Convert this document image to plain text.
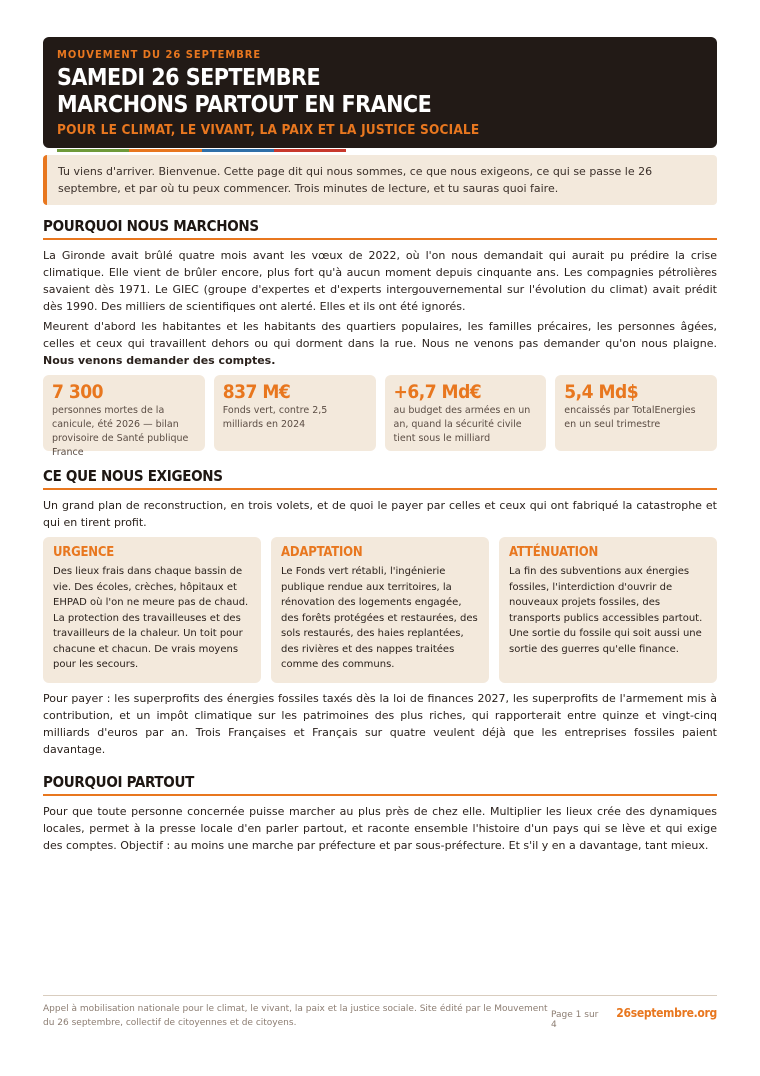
MOUVEMENT DU 26 SEPTEMBRE
SAMEDI 26 SEPTEMBRE
MARCHONS PARTOUT EN FRANCE
POUR LE CLIMAT, LE VIVANT, LA PAIX ET LA JUSTICE SOCIALE
Tu viens d'arriver. Bienvenue. Cette page dit qui nous sommes, ce que nous exigeons, ce qui se passe le 26 septembre, et par où tu peux commencer. Trois minutes de lecture, et tu sauras quoi faire.
POURQUOI NOUS MARCHONS

La Gironde avait brûlé quatre mois avant les vœux de 2022, où l'on nous demandait qui aurait pu prédire la crise climatique. Elle vient de brûler encore, plus fort qu'à aucun moment depuis cinquante ans. Les compagnies pétrolières savaient dès 1971. Le GIEC (groupe d'expertes et d'experts intergouvernemental sur l'évolution du climat) avait prédit dès 1990. Des milliers de scientifiques ont alerté. Elles et ils ont été ignorés.

Meurent d'abord les habitantes et les habitants des quartiers populaires, les familles précaires, les personnes âgées, celles et ceux qui travaillent dehors ou qui dorment dans la rue. Nous ne venons pas demander qu'on nous plaigne. Nous venons demander des comptes.

7 300
personnes mortes de la canicule, été 2026 — bilan provisoire de Santé publique France
837 M€
Fonds vert, contre 2,5 milliards en 2024
+6,7 Md€
au budget des armées en un an, quand la sécurité civile tient sous le milliard
5,4 Md$
encaissés par TotalEnergies en un seul trimestre
CE QUE NOUS EXIGEONS

Un grand plan de reconstruction, en trois volets, et de quoi le payer par celles et ceux qui ont fabriqué la catastrophe et qui en tirent profit.

URGENCE
Des lieux frais dans chaque bassin de vie. Des écoles, crèches, hôpitaux et EHPAD où l'on ne meure pas de chaud. La protection des travailleuses et des travailleurs de la chaleur. Un toit pour chacune et chacun. De vrais moyens pour les secours.
ADAPTATION
Le Fonds vert rétabli, l'ingénierie publique rendue aux territoires, la rénovation des logements engagée, des forêts protégées et restaurées, des sols restaurés, des haies replantées, des rivières et des nappes traitées comme des communs.
ATTÉNUATION
La fin des subventions aux énergies fossiles, l'interdiction d'ouvrir de nouveaux projets fossiles, des transports publics accessibles partout. Une sortie du fossile qui soit aussi une sortie des guerres qu'elle finance.

Pour payer : les superprofits des énergies fossiles taxés dès la loi de finances 2027, les superprofits de l'armement mis à contribution, et un impôt climatique sur les patrimoines des plus riches, qui rapporterait entre quinze et vingt-cinq milliards d'euros par an. Trois Françaises et Français sur quatre veulent déjà que les entreprises fossiles paient davantage.

POURQUOI PARTOUT

Pour que toute personne concernée puisse marcher au plus près de chez elle. Multiplier les lieux crée des dynamiques locales, permet à la presse locale d'en parler partout, et raconte ensemble l'histoire d'un pays qui se lève et qui exige des comptes. Objectif : au moins une marche par préfecture et par sous-préfecture. Et s'il y en a davantage, tant mieux.

Appel à mobilisation nationale pour le climat, le vivant, la paix et la justice sociale. Site édité par le Mouvement du 26 septembre, collectif de citoyennes et de citoyens.
Page 1 sur 4
26septembre.org
